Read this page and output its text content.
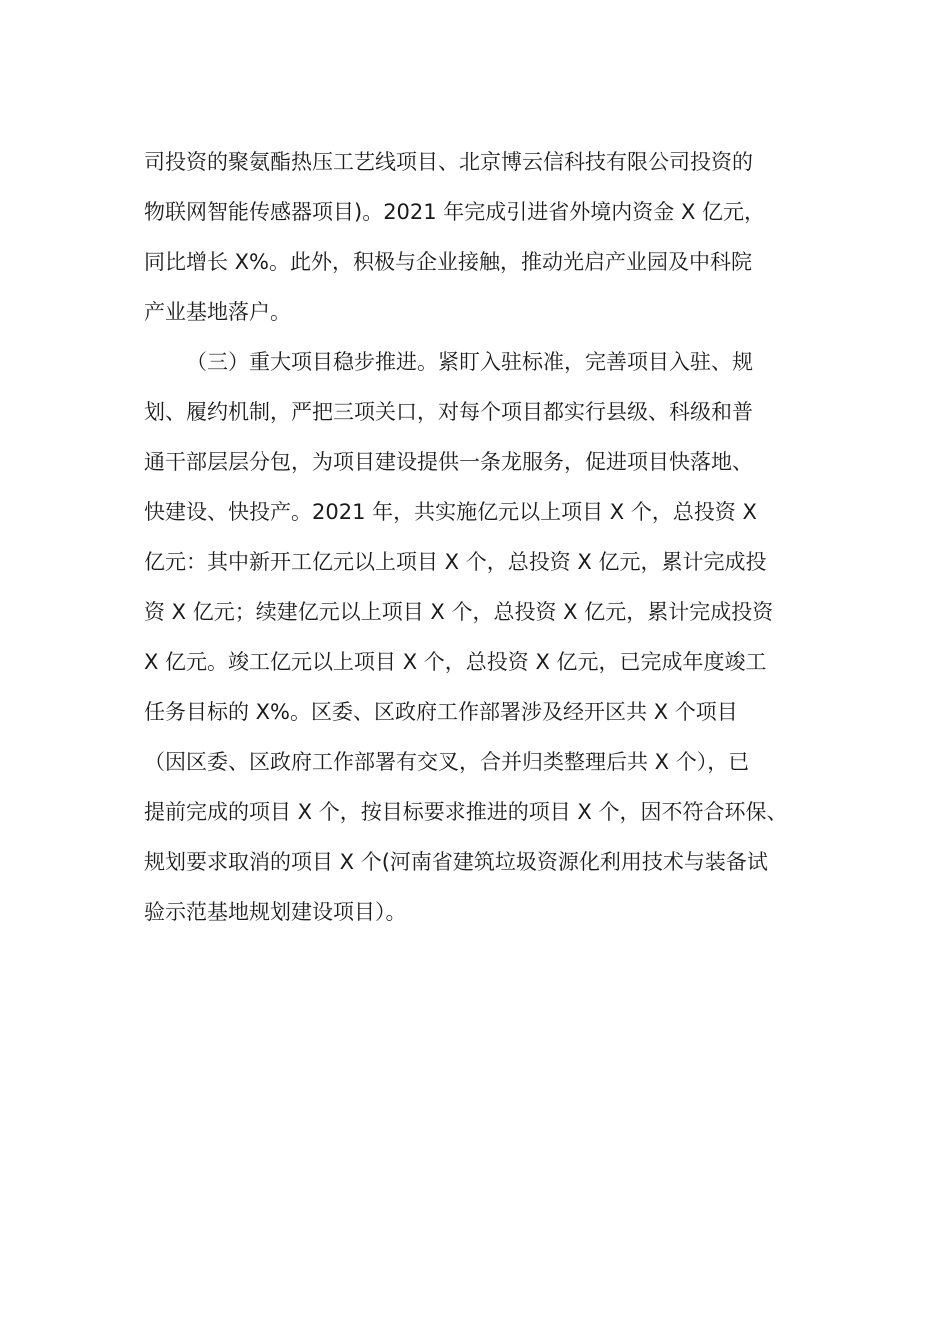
司投资的聚氨酯热压工艺线项目、北京博云信科技有限公司投资的
物联网智能传感器项目)。2021 年完成引进省外境内资金 X 亿元，
同比增长 X%。此外，积极与企业接触，推动光启产业园及中科院
产业基地落户。
（三）重大项目稳步推进。紧盯入驻标准，完善项目入驻、规
划、履约机制，严把三项关口，对每个项目都实行县级、科级和普
通干部层层分包，为项目建设提供一条龙服务，促进项目快落地、
快建设、快投产。2021 年，共实施亿元以上项目 X 个，总投资 X
亿元：其中新开工亿元以上项目 X 个，总投资 X 亿元，累计完成投
资 X 亿元；续建亿元以上项目 X 个，总投资 X 亿元，累计完成投资
X 亿元。竣工亿元以上项目 X 个，总投资 X 亿元，已完成年度竣工
任务目标的 X%。区委、区政府工作部署涉及经开区共 X 个项目
（因区委、区政府工作部署有交叉，合并归类整理后共 X 个），已
提前完成的项目 X 个，按目标要求推进的项目 X 个，因不符合环保、
规划要求取消的项目 X 个(河南省建筑垃圾资源化利用技术与装备试
验示范基地规划建设项目）。
